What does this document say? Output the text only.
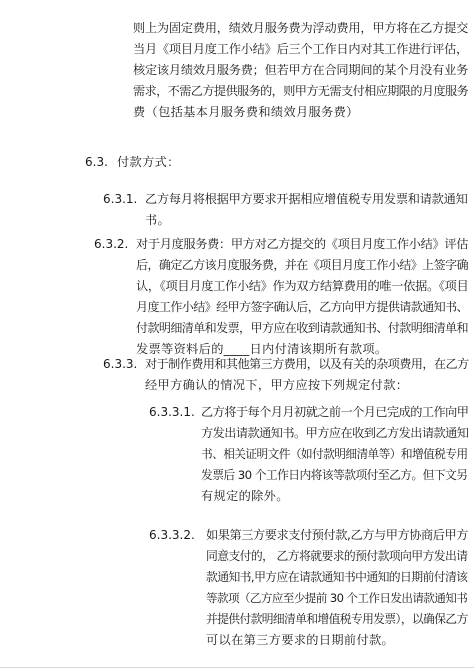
则上为固定费用，绩效月服务费为浮动费用，甲方将在乙方提交
当月《项目月度工作小结》后三个工作日内对其工作进行评估，
核定该月绩效月服务费；但若甲方在合同期间的某个月没有业务
需求，不需乙方提供服务的，则甲方无需支付相应期限的月度服务
费（包括基本月服务费和绩效月服务费）
6.3. 付款方式：
6.3.1. 乙方每月将根据甲方要求开据相应增值税专用发票和请款通知
书。
6.3.2. 对于月度服务费：甲方对乙方提交的《项目月度工作小结》评估
后，确定乙方该月度服务费，并在《项目月度工作小结》上签字确
认，《项目月度工作小结》作为双方结算费用的唯一依据。《项目
月度工作小结》经甲方签字确认后，乙方向甲方提供请款通知书、
付款明细清单和发票，甲方应在收到请款通知书、付款明细清单和
发票等资料后的____日内付清该期所有款项。
6.3.3. 对于制作费用和其他第三方费用，以及有关的杂项费用，在乙方
经甲方确认的情况下，甲方应按下列规定付款：
6.3.3.1. 乙方将于每个月月初就之前一个月已完成的工作向甲
方发出请款通知书。甲方应在收到乙方发出请款通知
书、相关证明文件（如付款明细清单等）和增值税专用
发票后 30 个工作日内将该等款项付至乙方。但下文另
有规定的除外。
6.3.3.2. 如果第三方要求支付预付款,乙方与甲方协商后甲方
同意支付的， 乙方将就要求的预付款项向甲方发出请
款通知书,甲方应在请款通知书中通知的日期前付清该
等款项（乙方应至少提前 30 个工作日发出请款通知书
并提供付款明细清单和增值税专用发票），以确保乙方
可以在第三方要求的日期前付款。
